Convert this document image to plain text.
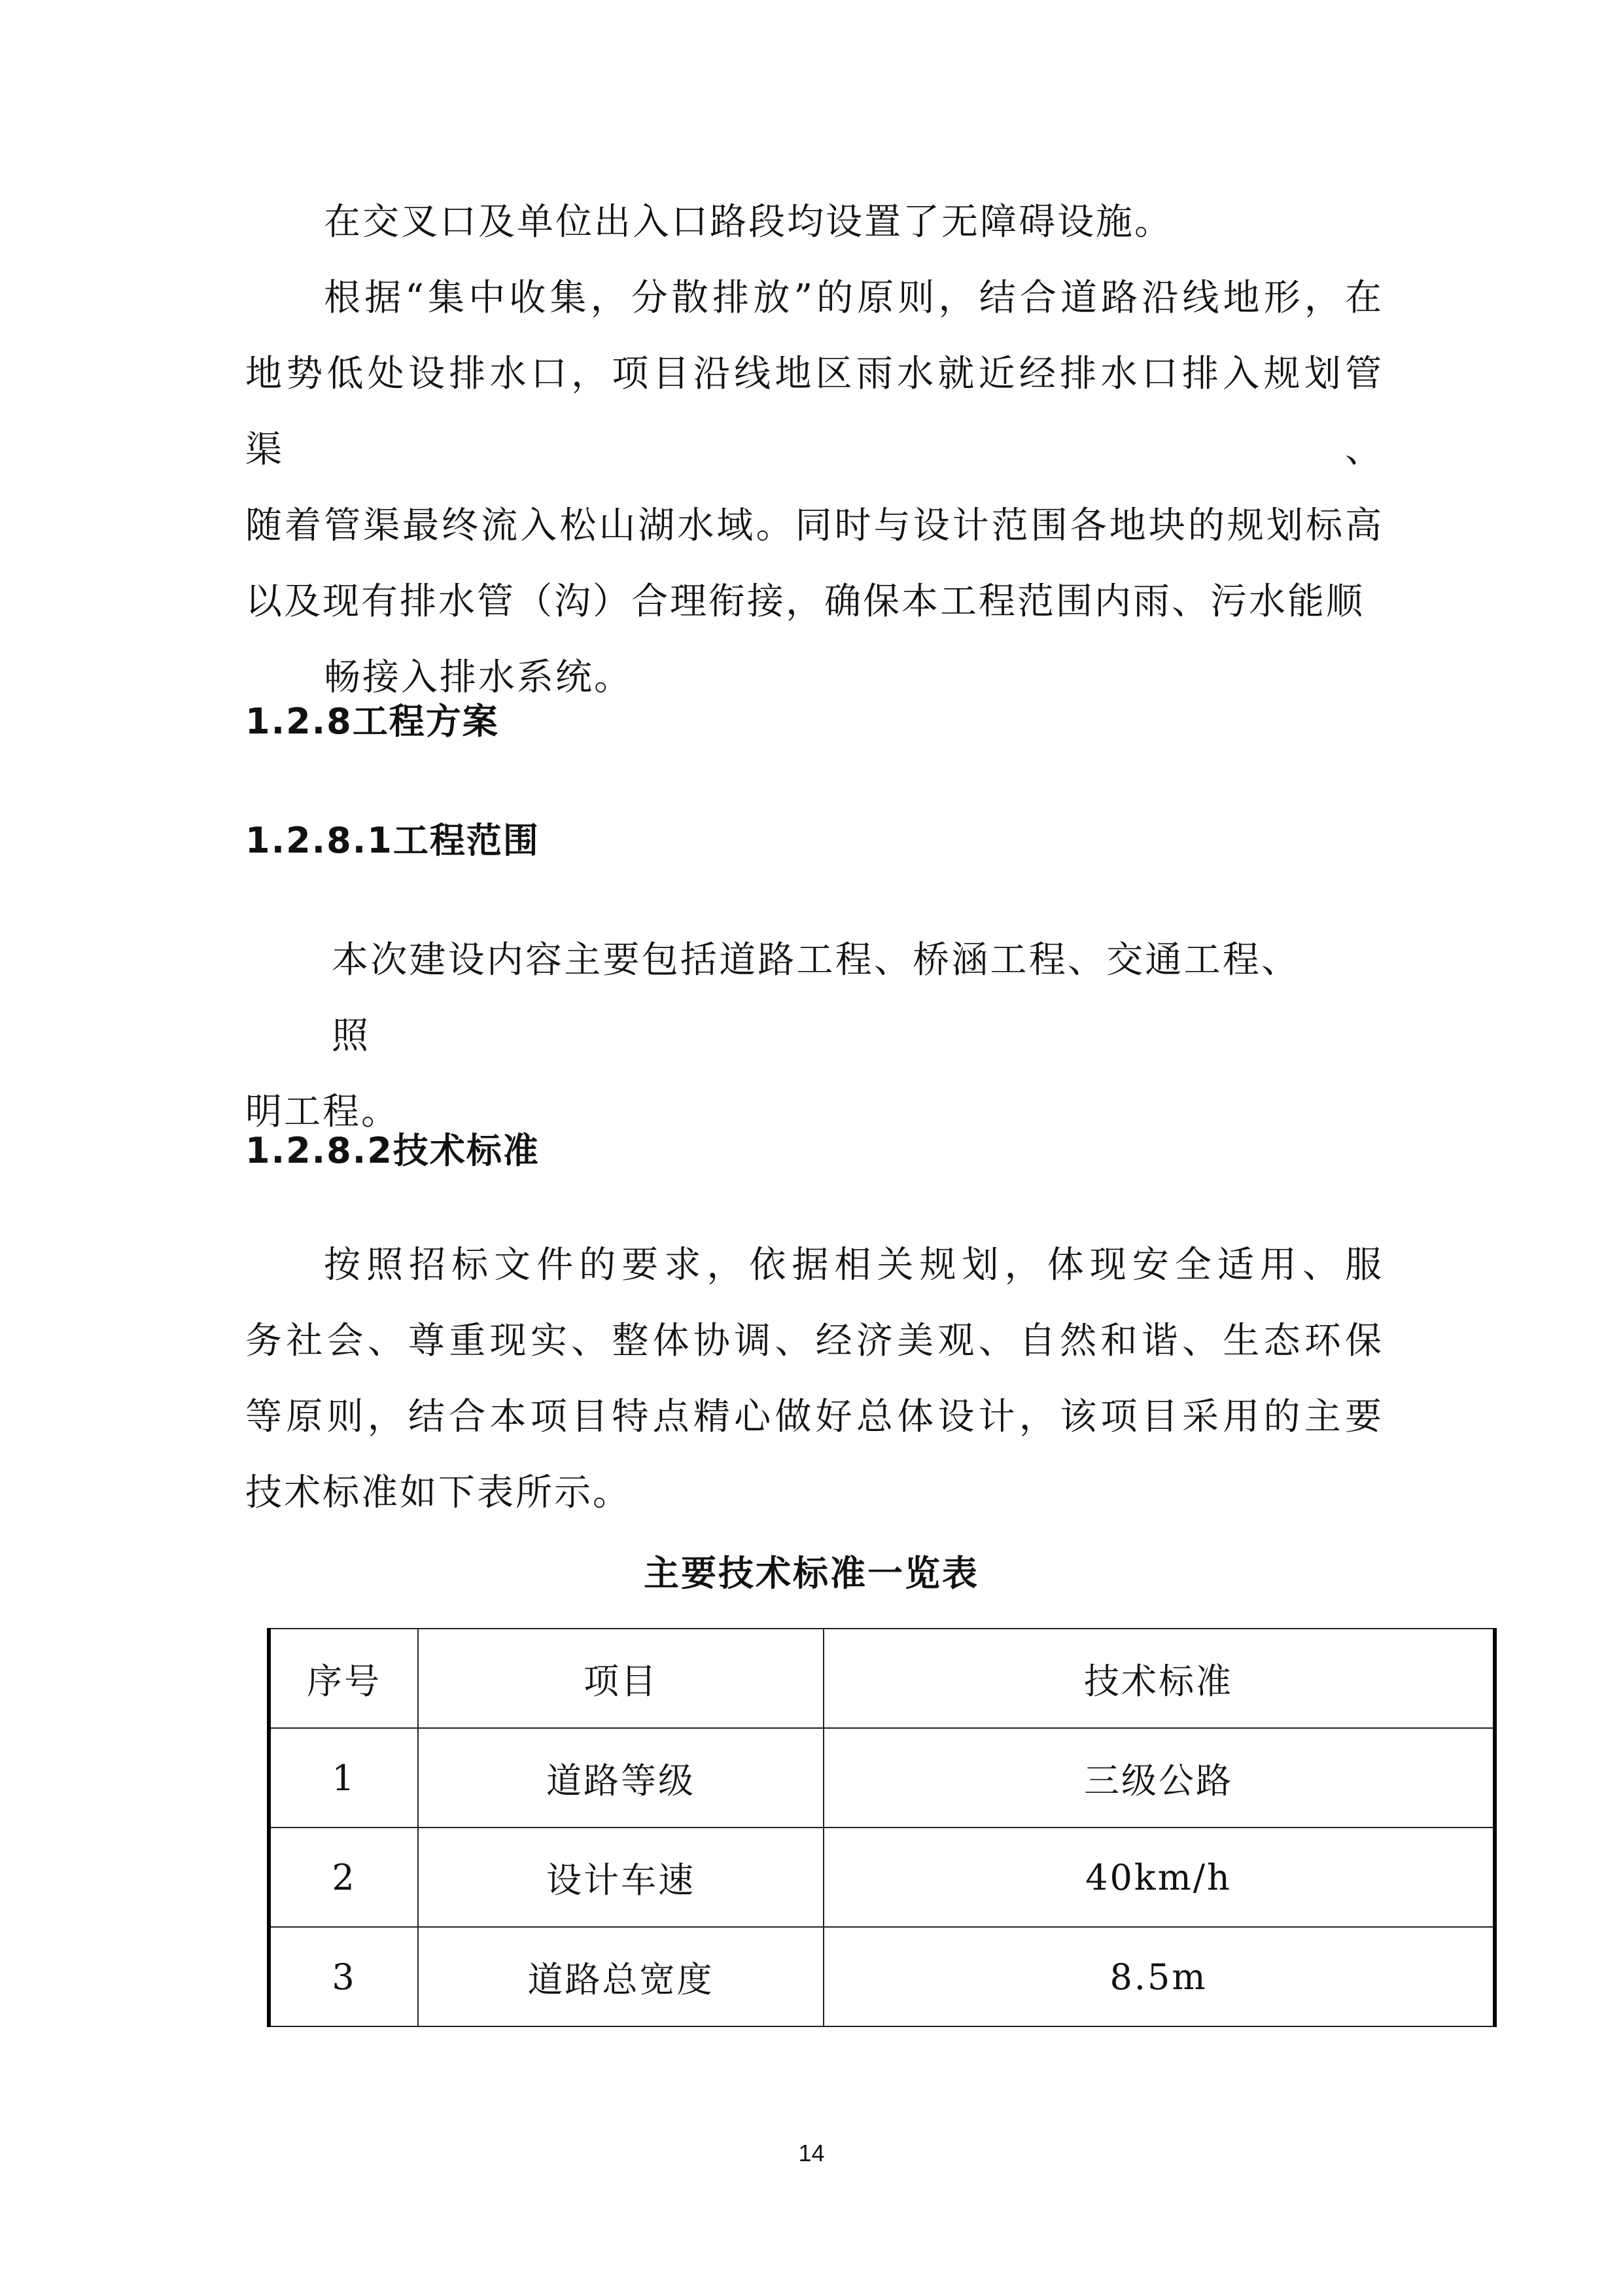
在交叉口及单位出入口路段均设置了无障碍设施。

根据“集中收集，分散排放”的原则，结合道路沿线地形，在
地势低处设排水口，项目沿线地区雨水就近经排水口排入规划管渠、
随着管渠最终流入松山湖水域。同时与设计范围各地块的规划标高
以及现有排水管（沟）合理衔接，确保本工程范围内雨、污水能顺
畅接入排水系统。

1.2.8工程方案
1.2.8.1工程范围

本次建设内容主要包括道路工程、桥涵工程、交通工程、照
明工程。

1.2.8.2技术标准

按照招标文件的要求，依据相关规划，体现安全适用、服
务社会、尊重现实、整体协调、经济美观、自然和谐、生态环保
等原则，结合本项目特点精心做好总体设计，该项目采用的主要
技术标准如下表所示。

主要技术标准一览表

序号	项目	技术标准
1	道路等级	三级公路
2	设计车速	40km/h
3	道路总宽度	8.5m

14
